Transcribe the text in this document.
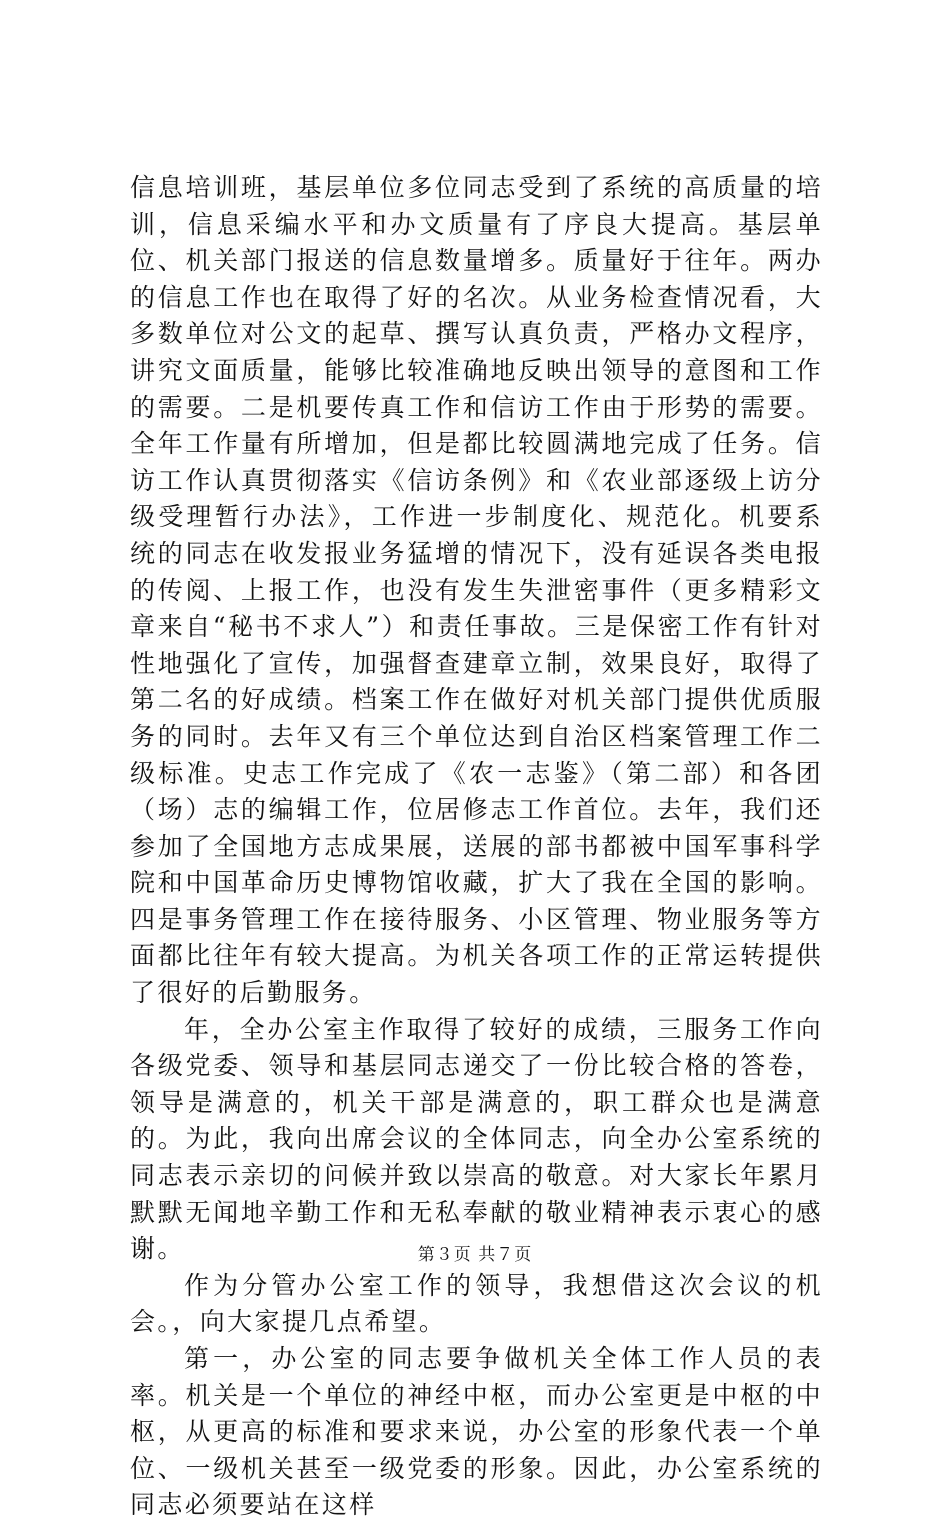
信息培训班，基层单位多位同志受到了系统的高质量的培训，信息采编水平和办文质量有了序良大提高。基层单位、机关部门报送的信息数量增多。质量好于往年。两办的信息工作也在取得了好的名次。从业务检查情况看，大多数单位对公文的起草、撰写认真负责，严格办文程序，讲究文面质量，能够比较准确地反映出领导的意图和工作的需要。二是机要传真工作和信访工作由于形势的需要。全年工作量有所增加，但是都比较圆满地完成了任务。信访工作认真贯彻落实《信访条例》和《农业部逐级上访分级受理暂行办法》，工作进一步制度化、规范化。机要系统的同志在收发报业务猛增的情况下，没有延误各类电报的传阅、上报工作，也没有发生失泄密事件（更多精彩文章来自“秘书不求人”）和责任事故。三是保密工作有针对性地强化了宣传，加强督查建章立制，效果良好，取得了第二名的好成绩。档案工作在做好对机关部门提供优质服务的同时。去年又有三个单位达到自治区档案管理工作二级标准。史志工作完成了《农一志鉴》（第二部）和各团（场）志的编辑工作，位居修志工作首位。去年，我们还参加了全国地方志成果展，送展的部书都被中国军事科学院和中国革命历史博物馆收藏，扩大了我在全国的影响。四是事务管理工作在接待服务、小区管理、物业服务等方面都比往年有较大提高。为机关各项工作的正常运转提供了很好的后勤服务。

年，全办公室主作取得了较好的成绩，三服务工作向各级党委、领导和基层同志递交了一份比较合格的答卷，领导是满意的，机关干部是满意的，职工群众也是满意的。为此，我向出席会议的全体同志，向全办公室系统的同志表示亲切的问候并致以崇高的敬意。对大家长年累月默默无闻地辛勤工作和无私奉献的敬业精神表示衷心的感谢。

作为分管办公室工作的领导，我想借这次会议的机会。，向大家提几点希望。

第一，办公室的同志要争做机关全体工作人员的表率。机关是一个单位的神经中枢，而办公室更是中枢的中枢，从更高的标准和要求来说，办公室的形象代表一个单位、一级机关甚至一级党委的形象。因此，办公室系统的同志必须要站在这样

第３页 共７页
